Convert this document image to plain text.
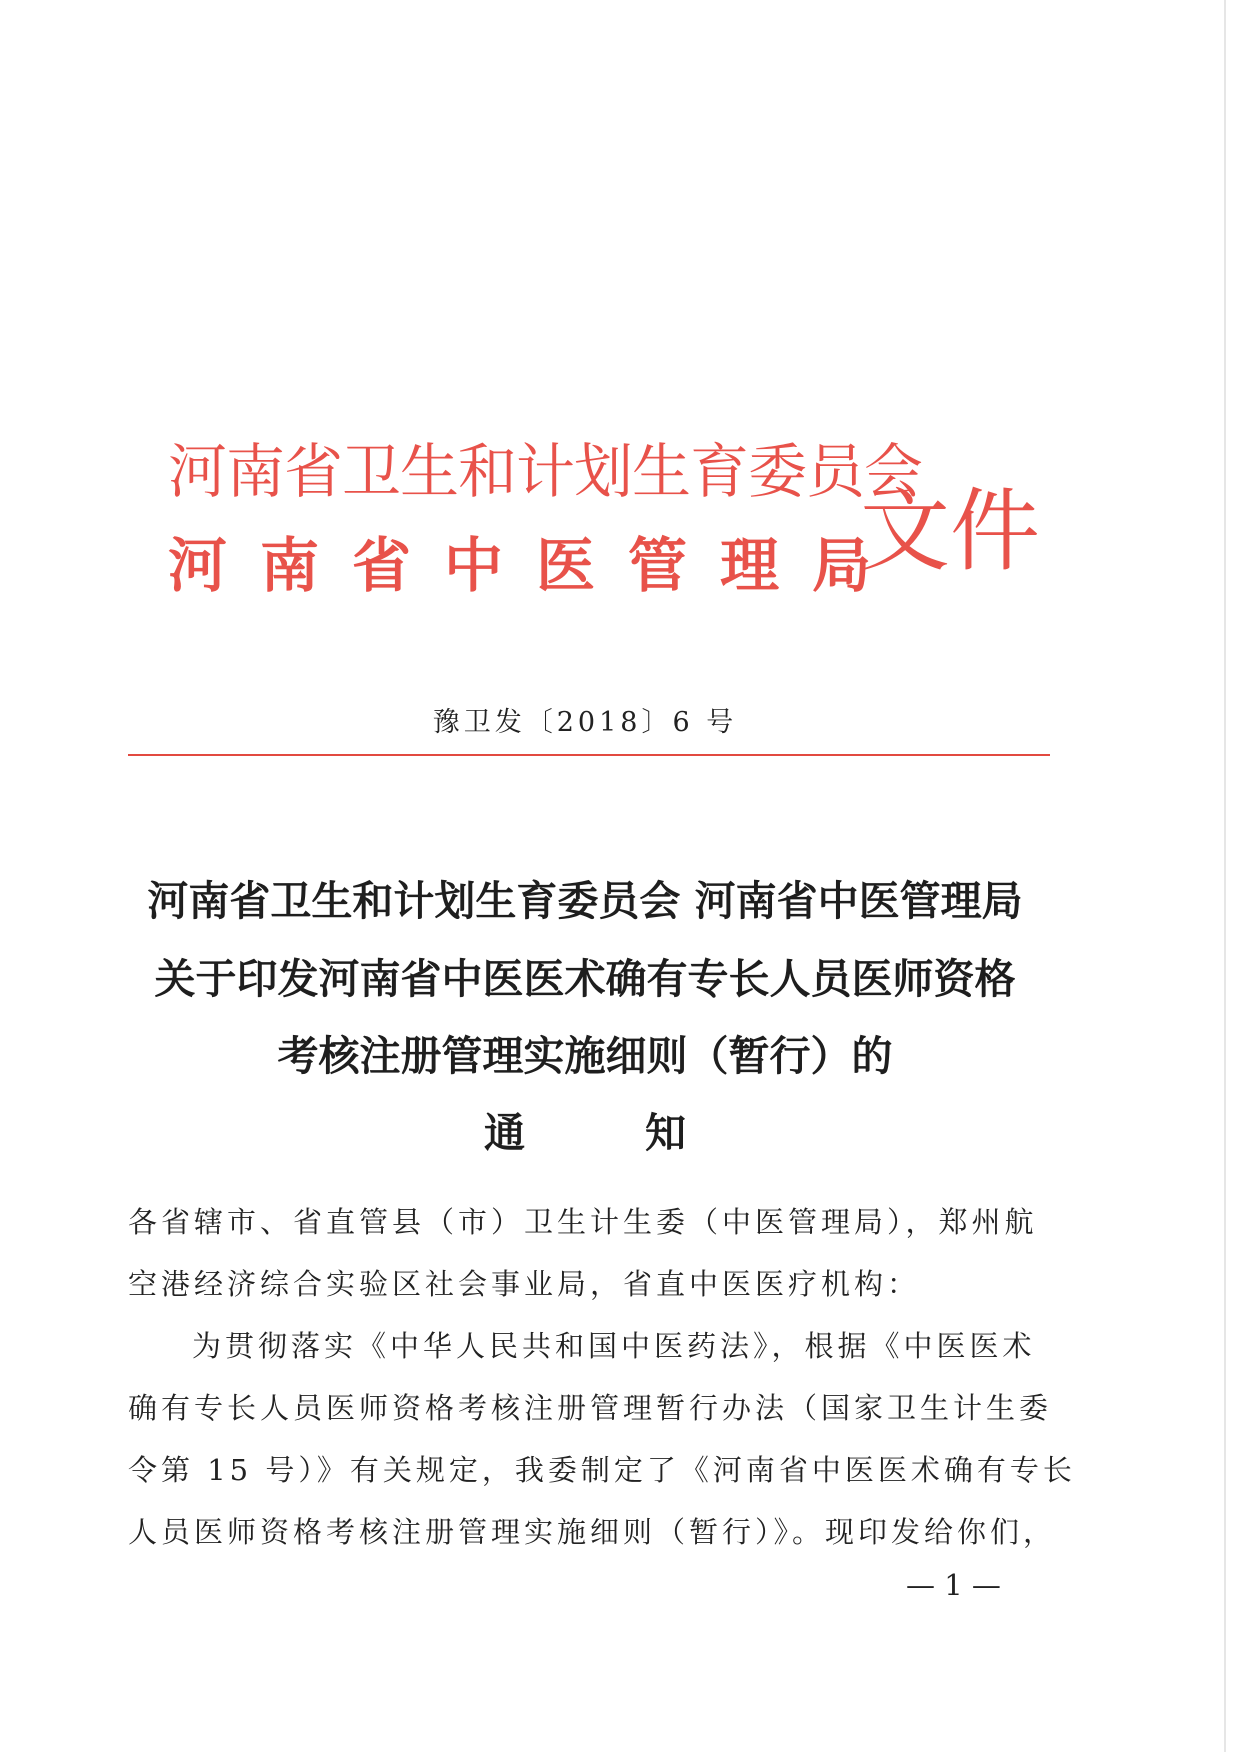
河南省卫生和计划生育委员会
河南省中医管理局
文件
豫卫发〔2018〕6 号
河南省卫生和计划生育委员会 河南省中医管理局
关于印发河南省中医医术确有专长人员医师资格
考核注册管理实施细则（暂行）的
通知
各省辖市、省直管县（市）卫生计生委（中医管理局），郑州航
空港经济综合实验区社会事业局，省直中医医疗机构：
为贯彻落实《中华人民共和国中医药法》，根据《中医医术
确有专长人员医师资格考核注册管理暂行办法（国家卫生计生委
令第 15 号）》有关规定，我委制定了《河南省中医医术确有专长
人员医师资格考核注册管理实施细则（暂行）》。现印发给你们，
— 1 —
